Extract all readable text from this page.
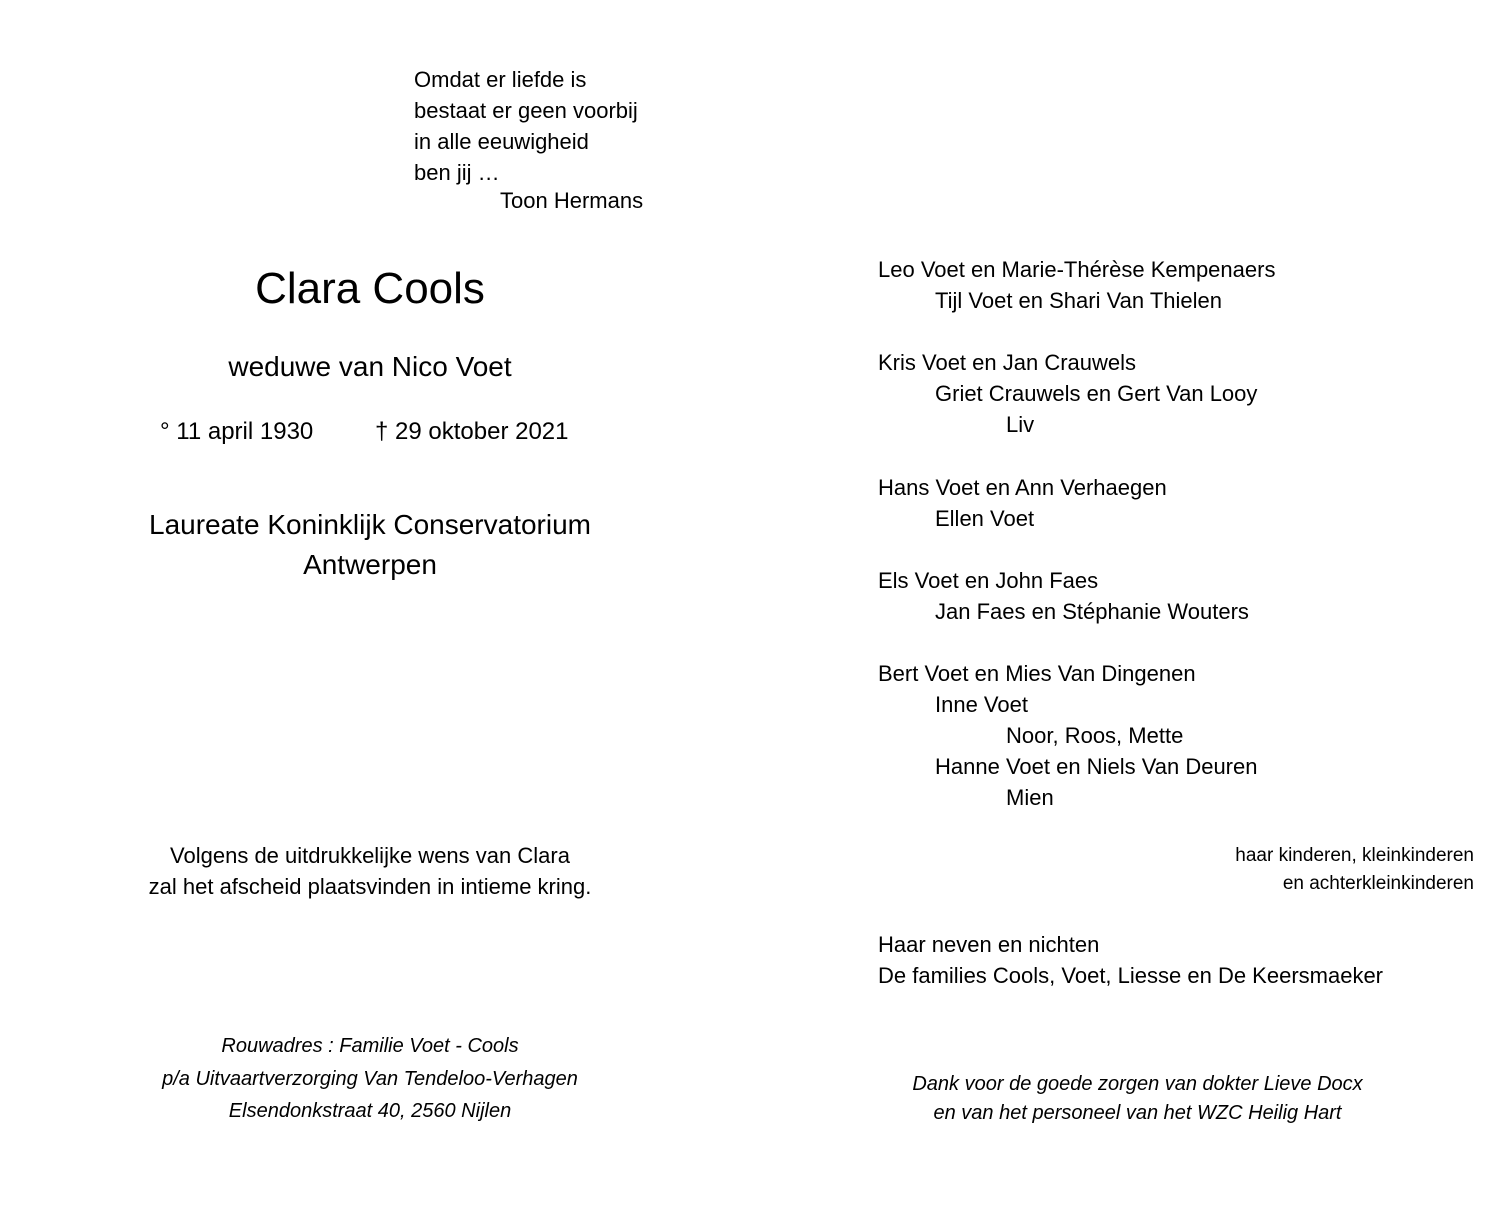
Omdat er liefde is
bestaat er geen voorbij
in alle eeuwigheid
ben jij …
Toon Hermans
Clara Cools
weduwe van Nico Voet
° 11 april 1930	† 29 oktober 2021
Laureate Koninklijk Conservatorium
Antwerpen
Volgens de uitdrukkelijke wens van Clara
zal het afscheid plaatsvinden in intieme kring.
Rouwadres : Familie Voet - Cools
p/a Uitvaartverzorging Van Tendeloo-Verhagen
Elsendonkstraat 40, 2560 Nijlen
Leo Voet en Marie-Thérèse Kempenaers
Tijl Voet en Shari Van Thielen
Kris Voet en Jan Crauwels
Griet Crauwels en Gert Van Looy
Liv
Hans Voet en Ann Verhaegen
Ellen Voet
Els Voet en John Faes
Jan Faes en Stéphanie Wouters
Bert Voet en Mies Van Dingenen
Inne Voet
Noor, Roos, Mette
Hanne Voet en Niels Van Deuren
Mien
haar kinderen, kleinkinderen
en achterkleinkinderen
Haar neven en nichten
De families Cools, Voet, Liesse en De Keersmaeker
Dank voor de goede zorgen van dokter Lieve Docx
en van het personeel van het WZC Heilig Hart
